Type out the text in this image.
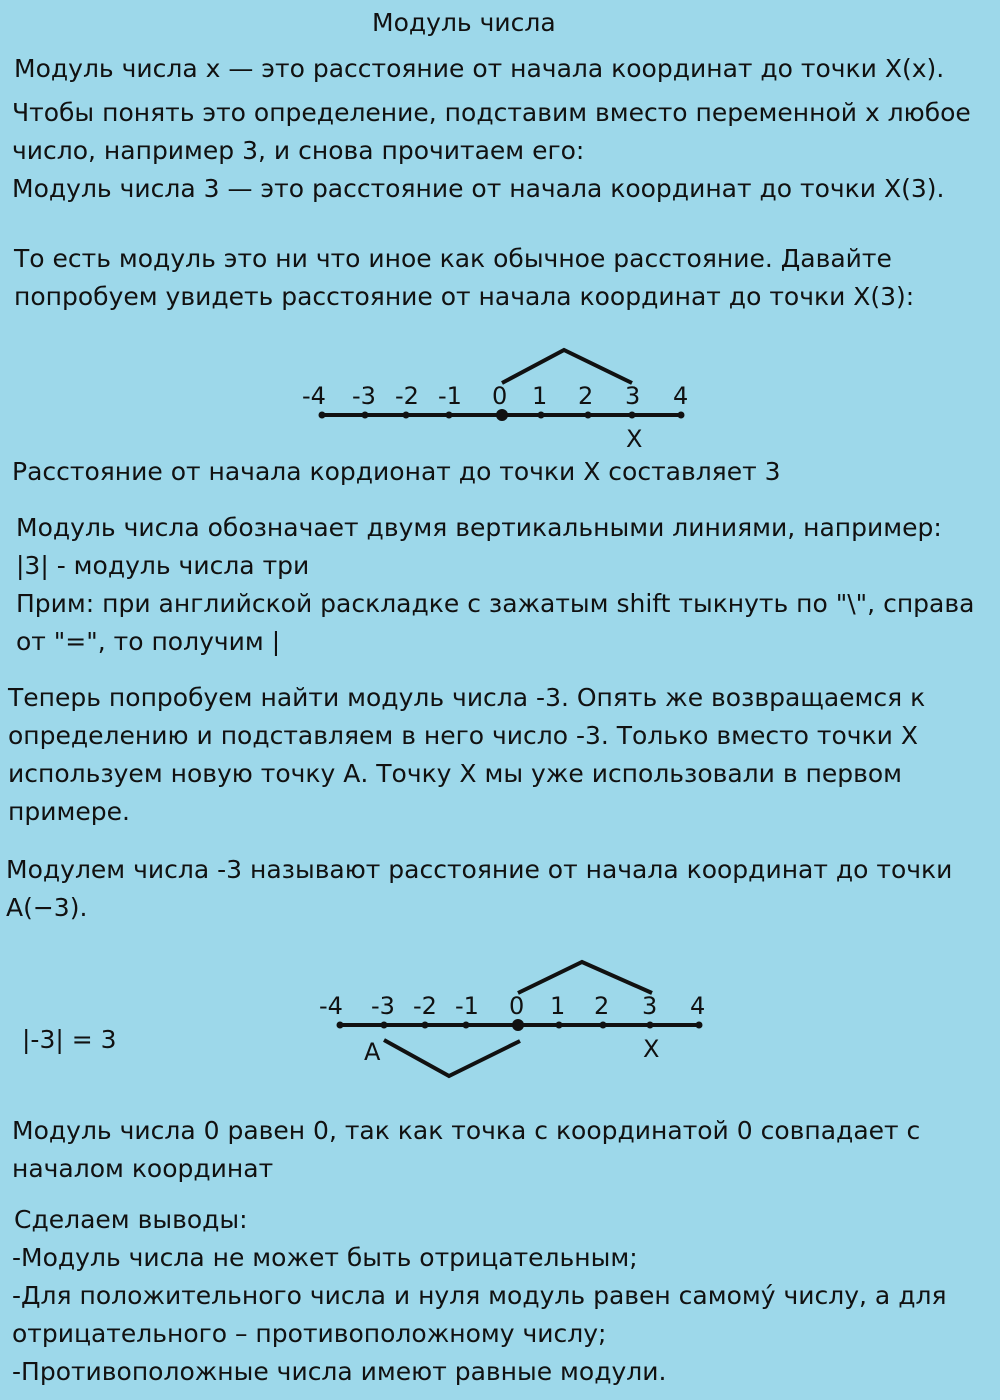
Модуль числа

Модуль числа х — это расстояние от начала координат до точки Х(х).

Чтобы понять это определение, подставим вместо переменной х любое

число, например 3, и снова прочитаем его:

Модуль числа 3 — это расстояние от начала координат до точки Х(3).

То есть модуль это ни что иное как обычное расстояние. Давайте

попробуем увидеть расстояние от начала координат до точки Х(3):

-4 -3 -2 -1 0 1 2 3 4
X
-4 -3 -2 -1 0 1 2 3 4
A	X

Расстояние от начала кордионат до точки Х составляет 3

Модуль числа обозначает двумя вертикальными линиями, например:

|3| - модуль числа три

Прим: при английской раскладке с зажатым shift тыкнуть по "\", справа

от "=", то получим |

Теперь попробуем найти модуль числа -3. Опять же возвращаемся к

определению и подставляем в него число -3. Только вместо точки Х

используем новую точку А. Точку Х мы уже использовали в первом

примере.

Модулем числа -3 называют расстояние от начала координат до точки

А(−3).

|-3| = 3

Модуль числа 0 равен 0, так как точка с координатой 0 совпадает с

началом координат

Сделаем выводы:

-Модуль числа не может быть отрицательным;

-Для положительного числа и нуля модуль равен самому́ числу, а для

отрицательного – противоположному числу;

-Противоположные числа имеют равные модули.
